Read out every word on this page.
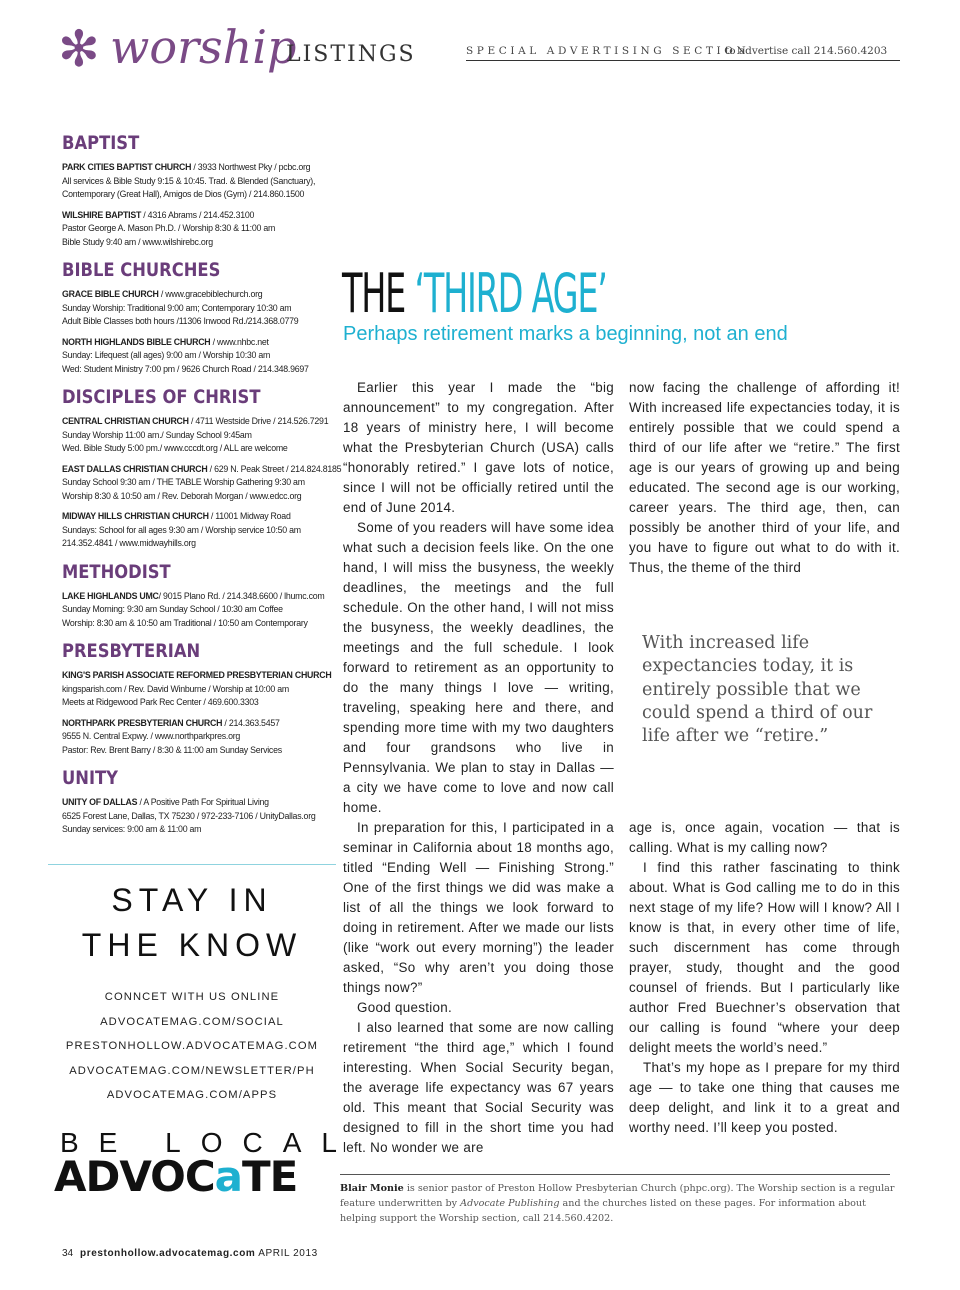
✻ worship
LISTINGS	SPECIAL ADVERTISING SECTION
to advertise call 214.560.4203
BAPTIST
PARK CITIES BAPTIST CHURCH / 3933 Northwest Pky / pcbc.org
All services & Bible Study 9:15 & 10:45. Trad. & Blended (Sanctuary),
Contemporary (Great Hall), Amigos de Dios (Gym) / 214.860.1500
WILSHIRE BAPTIST / 4316 Abrams / 214.452.3100
Pastor George A. Mason Ph.D. / Worship 8:30 & 11:00 am
Bible Study 9:40 am / www.wilshirebc.org
BIBLE CHURCHES
GRACE BIBLE CHURCH / www.gracebiblechurch.org
Sunday Worship: Traditional 9:00 am; Contemporary 10:30 am
Adult Bible Classes both hours /11306 Inwood Rd./214.368.0779
NORTH HIGHLANDS BIBLE CHURCH / www.nhbc.net
Sunday: Lifequest (all ages) 9:00 am / Worship 10:30 am
Wed: Student Ministry 7:00 pm / 9626 Church Road / 214.348.9697
DISCIPLES OF CHRIST
CENTRAL CHRISTIAN CHURCH / 4711 Westside Drive / 214.526.7291
Sunday Worship 11:00 am./ Sunday School 9:45am
Wed. Bible Study 5:00 pm./ www.cccdt.org / ALL are welcome
EAST DALLAS CHRISTIAN CHURCH / 629 N. Peak Street / 214.824.8185
Sunday School 9:30 am / THE TABLE Worship Gathering 9:30 am
Worship 8:30 & 10:50 am / Rev. Deborah Morgan / www.edcc.org
MIDWAY HILLS CHRISTIAN CHURCH / 11001 Midway Road
Sundays: School for all ages 9:30 am / Worship service 10:50 am
214.352.4841 / www.midwayhills.org
METHODIST
LAKE HIGHLANDS UMC/ 9015 Plano Rd. / 214.348.6600 / lhumc.com
Sunday Morning: 9:30 am Sunday School / 10:30 am Coffee
Worship: 8:30 am & 10:50 am Traditional / 10:50 am Contemporary
PRESBYTERIAN
KING'S PARISH ASSOCIATE REFORMED PRESBYTERIAN CHURCH
kingsparish.com / Rev. David Winburne / Worship at 10:00 am
Meets at Ridgewood Park Rec Center / 469.600.3303
NORTHPARK PRESBYTERIAN CHURCH / 214.363.5457
9555 N. Central Expwy. / www.northparkpres.org
Pastor: Rev. Brent Barry / 8:30 & 11:00 am Sunday Services
UNITY
UNITY OF DALLAS / A Positive Path For Spiritual Living
6525 Forest Lane, Dallas, TX 75230 / 972-233-7106 / UnityDallas.org
Sunday services: 9:00 am & 11:00 am
STAY IN
THE KNOW
CONNCET WITH US ONLINE
ADVOCATEMAG.COM/SOCIAL
PRESTONHOLLOW.ADVOCATEMAG.COM
ADVOCATEMAG.COM/NEWSLETTER/PH
ADVOCATEMAG.COM/APPS
BE LOCAL
ADVOCaTE
34 prestonhollow.advocatemag.com APRIL 2013
THE ‘THIRD AGE’
Perhaps retirement marks a beginning, not an end

Earlier this year I made the “big announcement” to my congregation. After 18 years of ministry here, I will become what the Presbyterian Church (USA) calls “honorably retired.” I gave lots of notice, since I will not be officially retired until the end of June 2014.

Some of you readers will have some idea what such a decision feels like. On the one hand, I will miss the busyness, the weekly deadlines, the meetings and the full schedule. On the other hand, I will not miss the busyness, the weekly deadlines, the meetings and the full schedule. I look forward to retirement as an opportunity to do the many things I love — writing, traveling, speaking here and there, and spending more time with my two daughters and four grandsons who live in Pennsylvania. We plan to stay in Dallas — a city we have come to love and now call home.

In preparation for this, I participated in a seminar in California about 18 months ago, titled “Ending Well — Finishing Strong.” One of the first things we did was make a list of all the things we look forward to doing in retirement. After we made our lists (like “work out every morning”) the leader asked, “So why aren’t you doing those things now?”

Good question.

I also learned that some are now calling retirement “the third age,” which I found interesting. When Social Security began, the average life expectancy was 67 years old. This meant that Social Security was designed to fill in the short time you had left. No wonder we are

now facing the challenge of affording it! With increased life expectancies today, it is entirely possible that we could spend a third of our life after we “retire.” The first age is our years of growing up and being educated. The second age is our working, career years. The third age, then, can possibly be another third of your life, and you have to figure out what to do with it. Thus, the theme of the third

With increased life expectancies today, it is entirely possible that we could spend a third of our life after we “retire.”

age is, once again, vocation — that is calling. What is my calling now?

I find this rather fascinating to think about. What is God calling me to do in this next stage of my life? How will I know? All I know is that, in every other time of life, such discernment has come through prayer, study, thought and the good counsel of friends. But I particularly like author Fred Buechner’s observation that our calling is found “where your deep delight meets the world’s need.”

That’s my hope as I prepare for my third age — to take one thing that causes me deep delight, and link it to a great and worthy need. I’ll keep you posted.

Blair Monie is senior pastor of Preston Hollow Presbyterian Church (phpc.org). The Worship section is a regular feature underwritten by Advocate Publishing and the churches listed on these pages. For information about helping support the Worship section, call 214.560.4202.
